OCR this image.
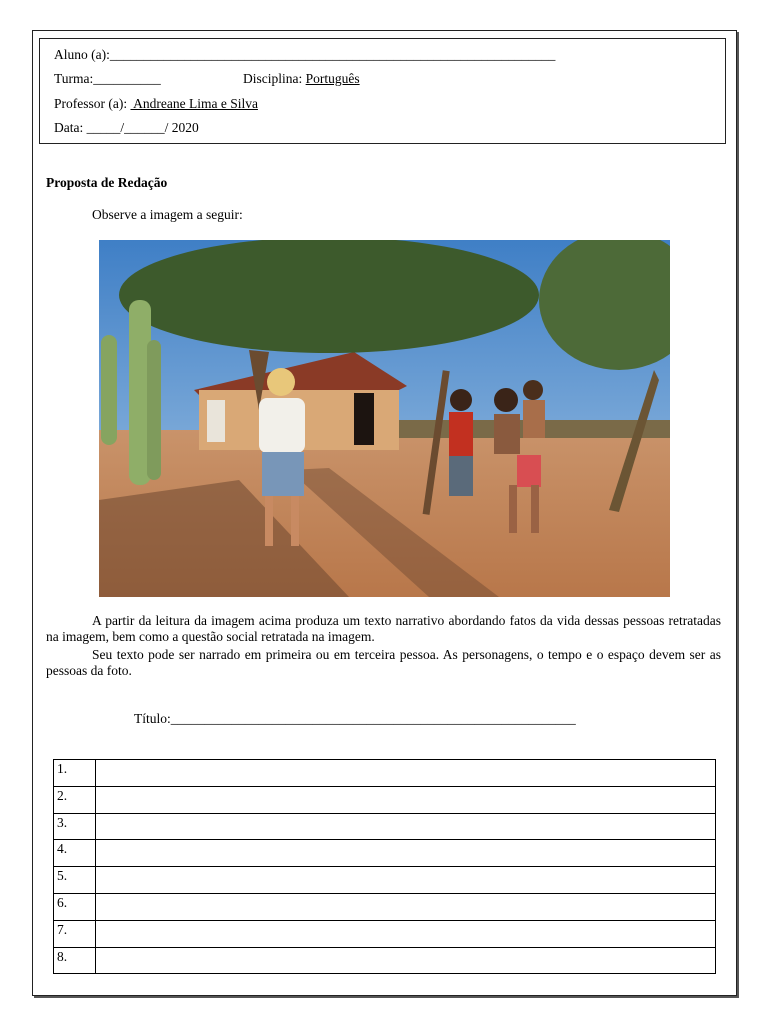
Aluno (a):__________________________________________________________________
Turma:__________	Disciplina: Português
Professor (a):  Andreane Lima e Silva
Data: _____/______/ 2020
Proposta de Redação
Observe a imagem a seguir:
A partir da leitura da imagem acima produza um texto narrativo abordando fatos da vida dessas pessoas retratadas na imagem, bem como a questão social retratada na imagem.
Seu texto pode ser narrado em primeira ou em terceira pessoa. As personagens, o tempo e o espaço devem ser as pessoas da foto.
Título:____________________________________________________________
1.	
2.	
3.	
4.	
5.	
6.	
7.	
8.	
